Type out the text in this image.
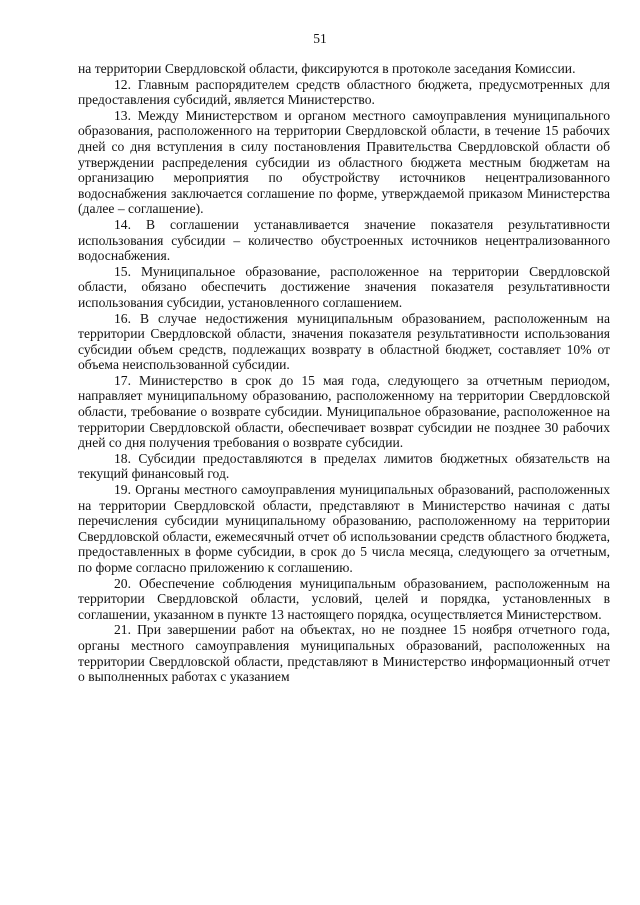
51

на территории Свердловской области, фиксируются в протоколе заседания Комиссии.

12. Главным распорядителем средств областного бюджета, предусмотренных для предоставления субсидий, является Министерство.

13. Между Министерством и органом местного самоуправления муниципального образования, расположенного на территории Свердловской области, в течение 15 рабочих дней со дня вступления в силу постановления Правительства Свердловской области об утверждении распределения субсидии из областного бюджета местным бюджетам на организацию мероприятия по обустройству источников нецентрализованного водоснабжения заключается соглашение по форме, утверждаемой приказом Министерства (далее – соглашение).

14. В соглашении устанавливается значение показателя результативности использования субсидии – количество обустроенных источников нецентрализованного водоснабжения.

15. Муниципальное образование, расположенное на территории Свердловской области, обязано обеспечить достижение значения показателя результативности использования субсидии, установленного соглашением.

16. В случае недостижения муниципальным образованием, расположенным на территории Свердловской области, значения показателя результативности использования субсидии объем средств, подлежащих возврату в областной бюджет, составляет 10% от объема неиспользованной субсидии.

17. Министерство в срок до 15 мая года, следующего за отчетным периодом, направляет муниципальному образованию, расположенному на территории Свердловской области, требование о возврате субсидии. Муниципальное образование, расположенное на территории Свердловской области, обеспечивает возврат субсидии не позднее 30 рабочих дней со дня получения требования о возврате субсидии.

18. Субсидии предоставляются в пределах лимитов бюджетных обязательств на текущий финансовый год.

19. Органы местного самоуправления муниципальных образований, расположенных на территории Свердловской области, представляют в Министерство начиная с даты перечисления субсидии муниципальному образованию, расположенному на территории Свердловской области, ежемесячный отчет об использовании средств областного бюджета, предоставленных в форме субсидии, в срок до 5 числа месяца, следующего за отчетным, по форме согласно приложению к соглашению.

20. Обеспечение соблюдения муниципальным образованием, расположенным на территории Свердловской области, условий, целей и порядка, установленных в соглашении, указанном в пункте 13 настоящего порядка, осуществляется Министерством.

21. При завершении работ на объектах, но не позднее 15 ноября отчетного года, органы местного самоуправления муниципальных образований, расположенных на территории Свердловской области, представляют в Министерство информационный отчет о выполненных работах с указанием
